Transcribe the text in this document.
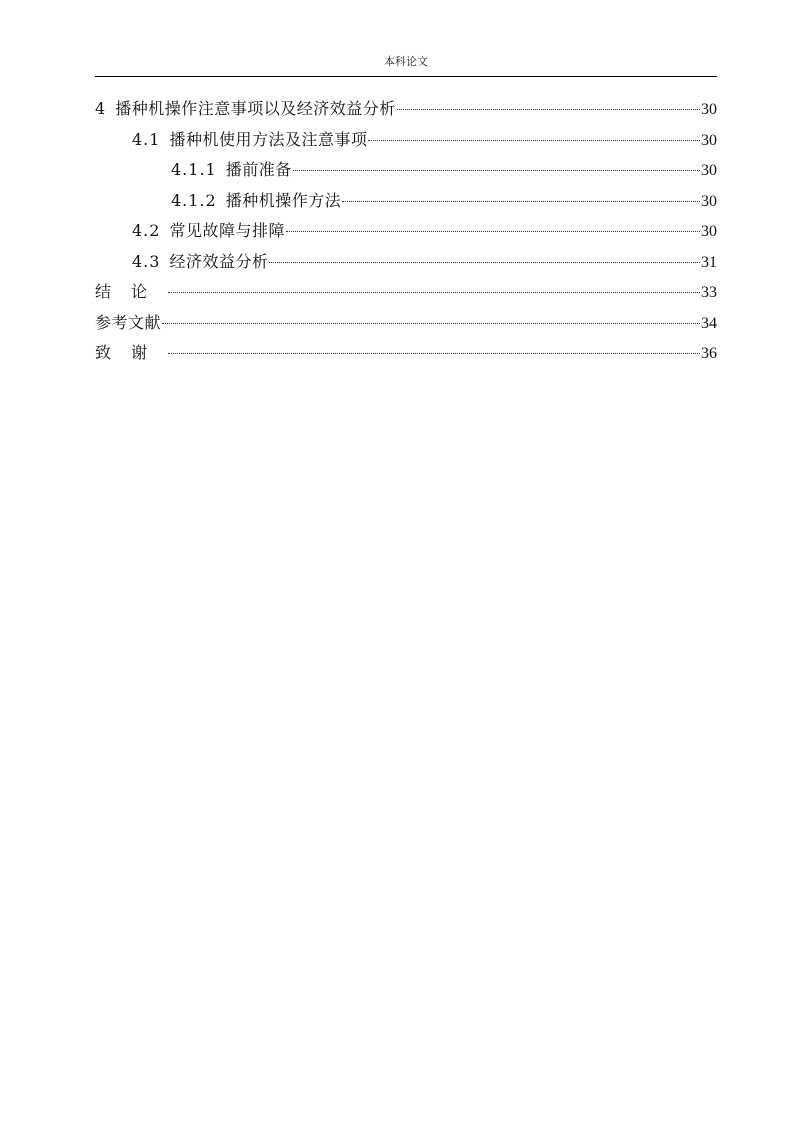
本科论文
4 播种机操作注意事项以及经济效益分析	30
4.1 播种机使用方法及注意事项	30
4.1.1 播前准备	30
4.1.2 播种机操作方法	30
4.2 常见故障与排障	30
4.3 经济效益分析	31
结论	33
参考文献	34
致谢	36
